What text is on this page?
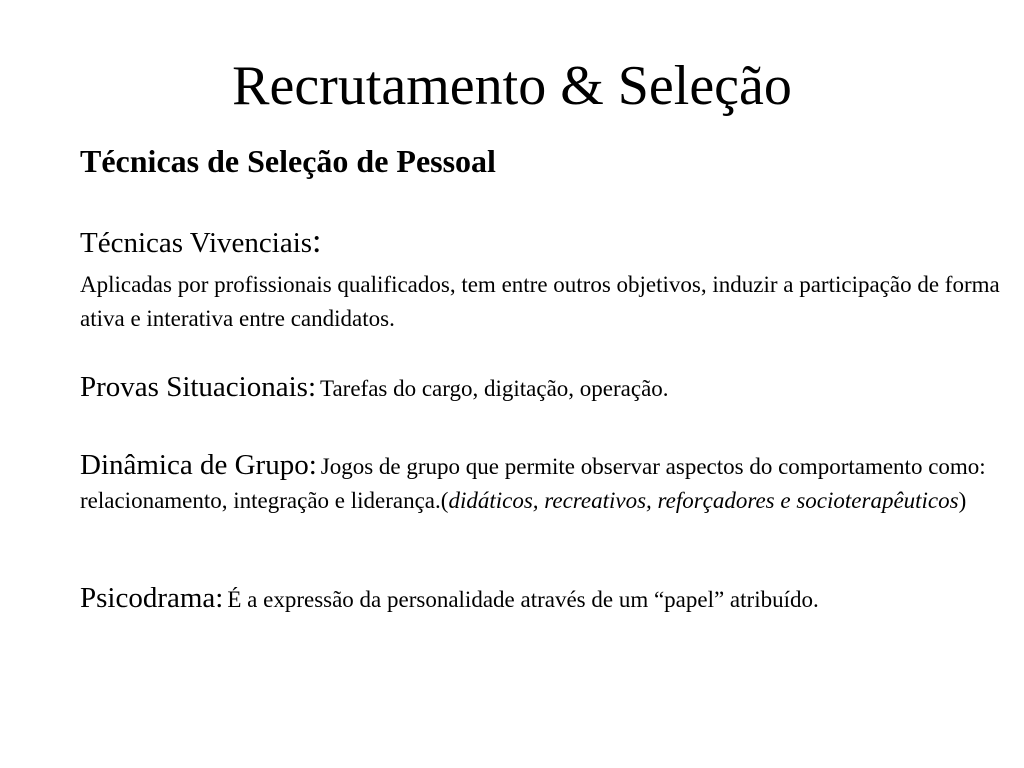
Recrutamento & Seleção
Técnicas de Seleção de Pessoal
Técnicas Vivenciais:
Aplicadas por profissionais qualificados, tem entre outros objetivos, induzir a participação de forma ativa e interativa entre candidatos.
Provas Situacionais: Tarefas do cargo, digitação, operação.
Dinâmica de Grupo: Jogos de grupo que permite observar aspectos do comportamento como: relacionamento, integração e liderança.(didáticos, recreativos, reforçadores e socioterapêuticos)
Psicodrama: É a expressão da personalidade através de um “papel” atribuído.
